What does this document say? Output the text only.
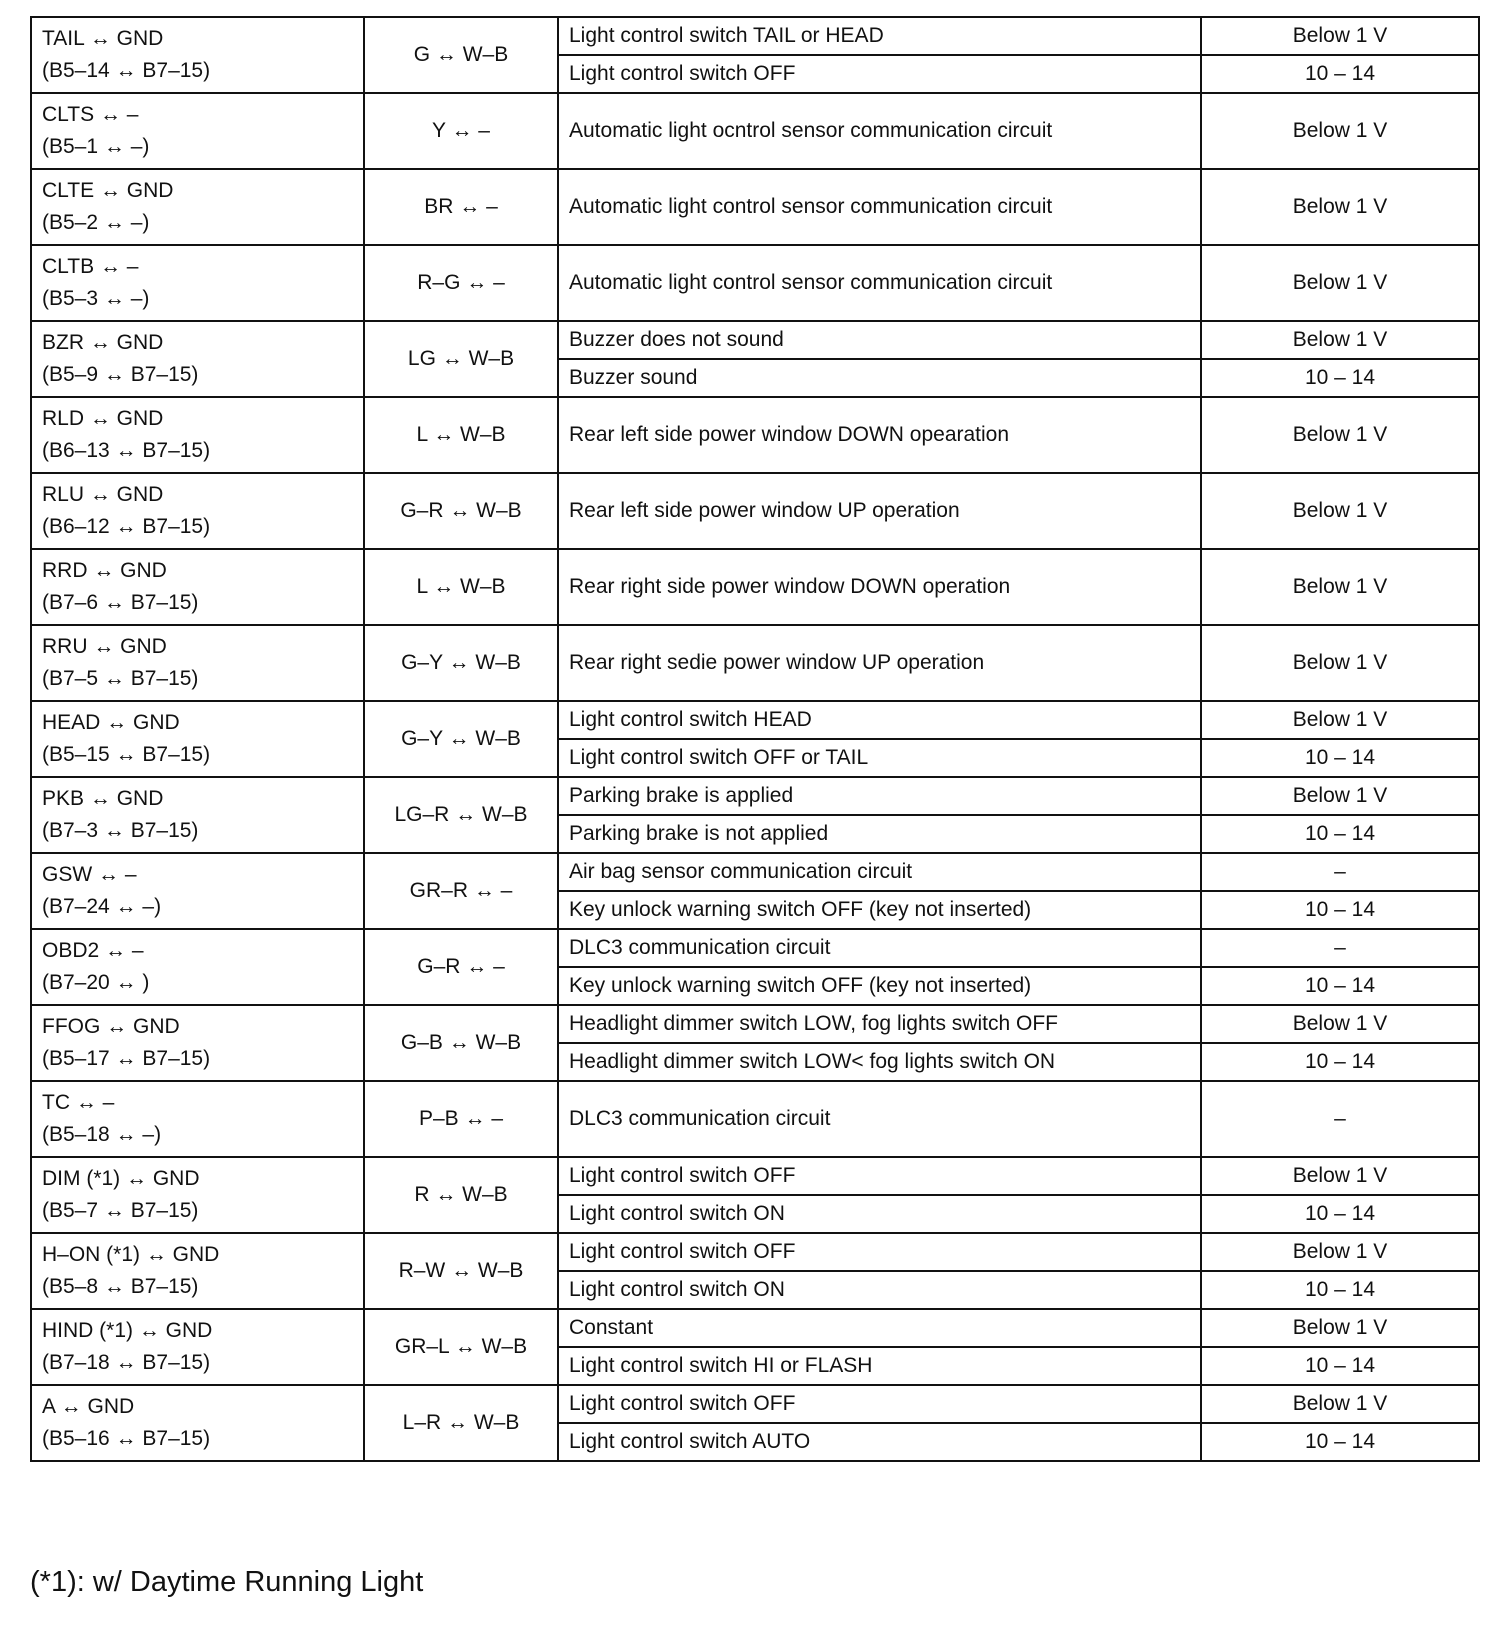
TAIL ↔ GND
(B5–14 ↔ B7–15)	G ↔ W–B	Light control switch TAIL or HEAD	Below 1 V
		Light control switch OFF	10 – 14

CLTS ↔ –
(B5–1 ↔ –)	Y ↔ –	Automatic light ocntrol sensor communication circuit	Below 1 V

CLTE ↔ GND
(B5–2 ↔ –)	BR ↔ –	Automatic light control sensor communication circuit	Below 1 V

CLTB ↔ –
(B5–3 ↔ –)	R–G ↔ –	Automatic light control sensor communication circuit	Below 1 V

BZR ↔ GND
(B5–9 ↔ B7–15)	LG ↔ W–B	Buzzer does not sound	Below 1 V
		Buzzer sound	10 – 14

RLD ↔ GND
(B6–13 ↔ B7–15)	L ↔ W–B	Rear left side power window DOWN opearation	Below 1 V

RLU ↔ GND
(B6–12 ↔ B7–15)	G–R ↔ W–B	Rear left side power window UP operation	Below 1 V

RRD ↔ GND
(B7–6 ↔ B7–15)	L ↔ W–B	Rear right side power window DOWN operation	Below 1 V

RRU ↔ GND
(B7–5 ↔ B7–15)	G–Y ↔ W–B	Rear right sedie power window UP operation	Below 1 V

HEAD ↔ GND
(B5–15 ↔ B7–15)	G–Y ↔ W–B	Light control switch HEAD	Below 1 V
		Light control switch OFF or TAIL	10 – 14

PKB ↔ GND
(B7–3 ↔ B7–15)	LG–R ↔ W–B	Parking brake is applied	Below 1 V
		Parking brake is not applied	10 – 14

GSW ↔ –
(B7–24 ↔ –)	GR–R ↔ –	Air bag sensor communication circuit	–
		Key unlock warning switch OFF (key not inserted)	10 – 14

OBD2 ↔ –
(B7–20 ↔ )	G–R ↔ –	DLC3 communication circuit	–
		Key unlock warning switch OFF (key not inserted)	10 – 14

FFOG ↔ GND
(B5–17 ↔ B7–15)	G–B ↔ W–B	Headlight dimmer switch LOW, fog lights switch OFF	Below 1 V
		Headlight dimmer switch LOW< fog lights switch ON	10 – 14

TC ↔ –
(B5–18 ↔ –)	P–B ↔ –	DLC3 communication circuit	–

DIM (*1) ↔ GND
(B5–7 ↔ B7–15)	R ↔ W–B	Light control switch OFF	Below 1 V
		Light control switch ON	10 – 14

H–ON (*1) ↔ GND
(B5–8 ↔ B7–15)	R–W ↔ W–B	Light control switch OFF	Below 1 V
		Light control switch ON	10 – 14

HIND (*1) ↔ GND
(B7–18 ↔ B7–15)	GR–L ↔ W–B	Constant	Below 1 V
		Light control switch HI or FLASH	10 – 14

A ↔ GND
(B5–16 ↔ B7–15)	L–R ↔ W–B	Light control switch OFF	Below 1 V
		Light control switch AUTO	10 – 14
(*1): w/ Daytime Running Light
